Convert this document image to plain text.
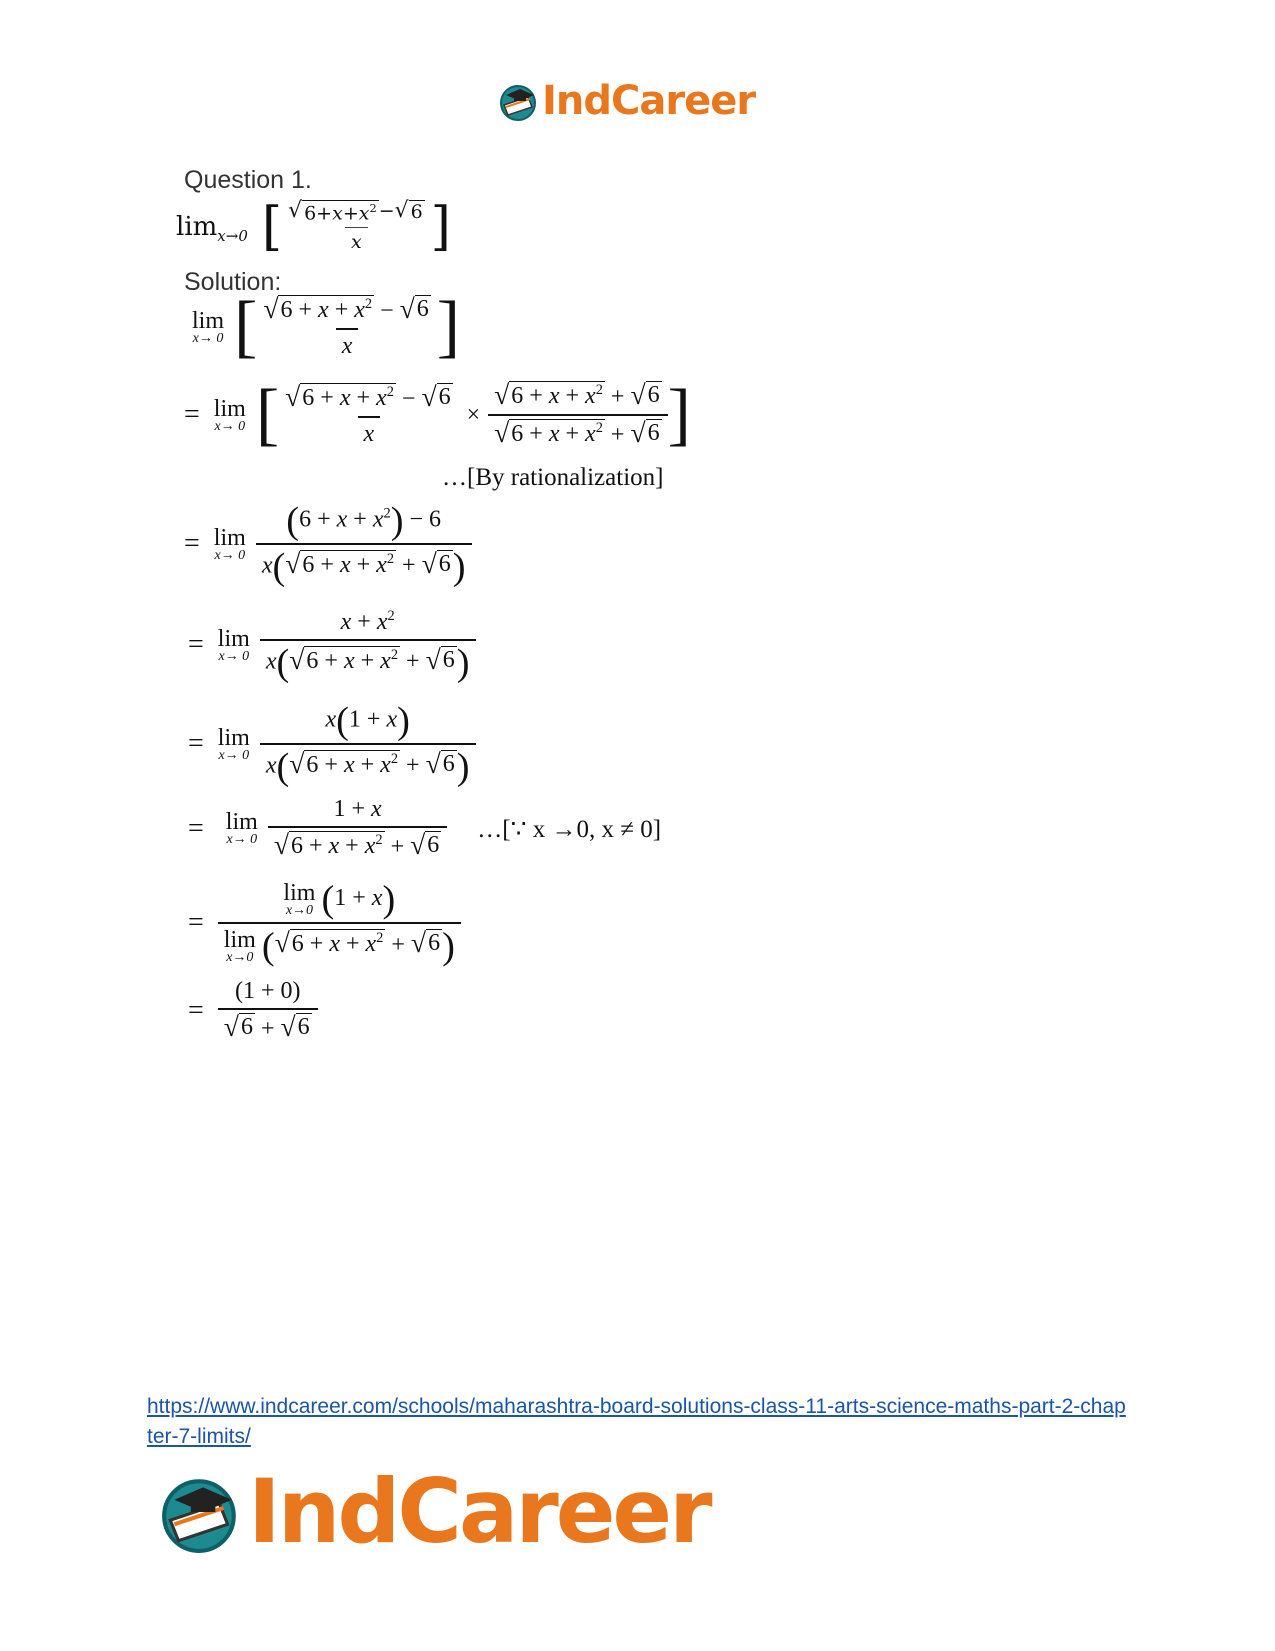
IndCareer
Question 1.
lim x→0 [ $\frac{√ 6+x+x^2 - √ 6}{x}$ ]
Solution:
lim
x→ 0 [ $\frac{√ 6 + x + x^2 - √ 6}{x}$ ]
= lim
x→ 0 [ $\frac{√ 6 + x + x^2 - √ 6}{x} \times \frac{√ 6 + x + x^2 + √ 6}{√ 6 + x + x^2 + √ 6}$ ]
…[By rationalization]
= lim
$x\to 0 \frac{(6 + x + x^2) - 6}{x( √ 6 + x + x^2 + √ 6 )}$
= lim
$x\to 0 \frac{x + x^2}{x( √ 6 + x + x^2 + √ 6 )}$
= lim
$x\to 0 \frac{x(1 + x)}{x( √ 6 + x + x^2 + √ 6 )}$
= lim
$x\to 0 \frac{1 + x}{√ 6 + x + x^2 + √ 6}$ …[∵ x →0, x ≠ 0]
= lim
x→0 (1 + x)
lim
x→0 ( √ $6 + x + x^2$ + √ 6 )
= $\frac{(1 + 0)}{√ 6 + √ 6}$
https://www.indcareer.com/schools/maharashtra-board-solutions-class-11-arts-science-maths-part-2-chapter-7-limits/
IndCareer
